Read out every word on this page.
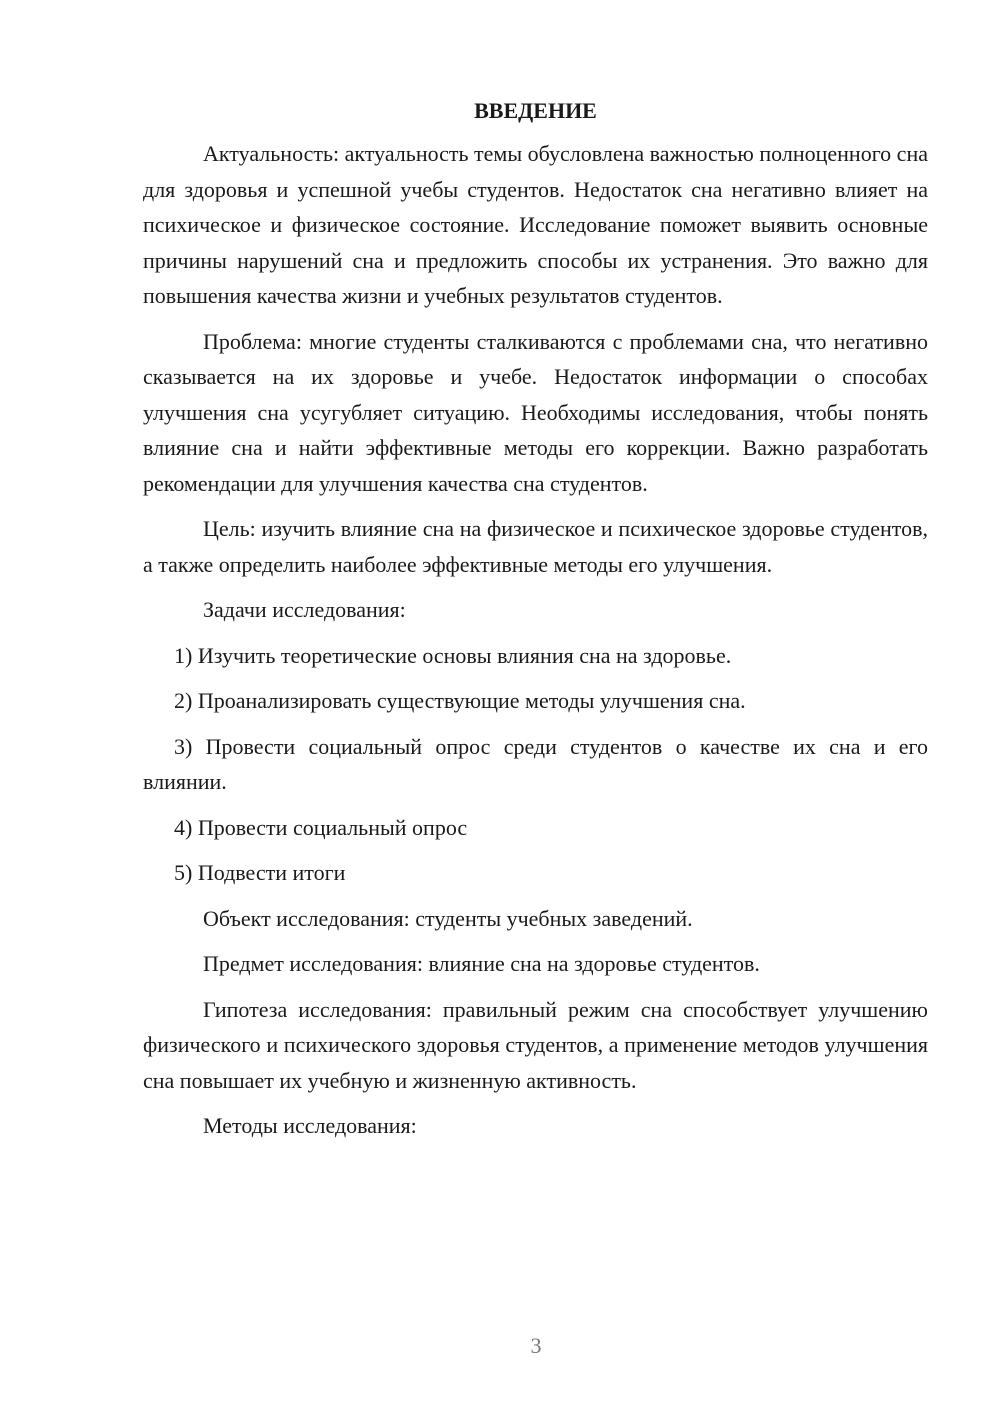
ВВЕДЕНИЕ

Актуальность: актуальность темы обусловлена важностью полноценного сна для здоровья и успешной учебы студентов. Недостаток сна негативно влияет на психическое и физическое состояние. Исследование поможет выявить основные причины нарушений сна и предложить способы их устранения. Это важно для повышения качества жизни и учебных результатов студентов.

Проблема: многие студенты сталкиваются с проблемами сна, что негативно сказывается на их здоровье и учебе. Недостаток информации о способах улучшения сна усугубляет ситуацию. Необходимы исследования, чтобы понять влияние сна и найти эффективные методы его коррекции. Важно разработать рекомендации для улучшения качества сна студентов.

Цель: изучить влияние сна на физическое и психическое здоровье студентов, а также определить наиболее эффективные методы его улучшения.

Задачи исследования:

1) Изучить теоретические основы влияния сна на здоровье.

2) Проанализировать существующие методы улучшения сна.

3) Провести социальный опрос среди студентов о качестве их сна и его влиянии.

4) Провести социальный опрос

5) Подвести итоги

Объект исследования: студенты учебных заведений.

Предмет исследования: влияние сна на здоровье студентов.

Гипотеза исследования: правильный режим сна способствует улучшению физического и психического здоровья студентов, а применение методов улучшения сна повышает их учебную и жизненную активность.

Методы исследования:

3
